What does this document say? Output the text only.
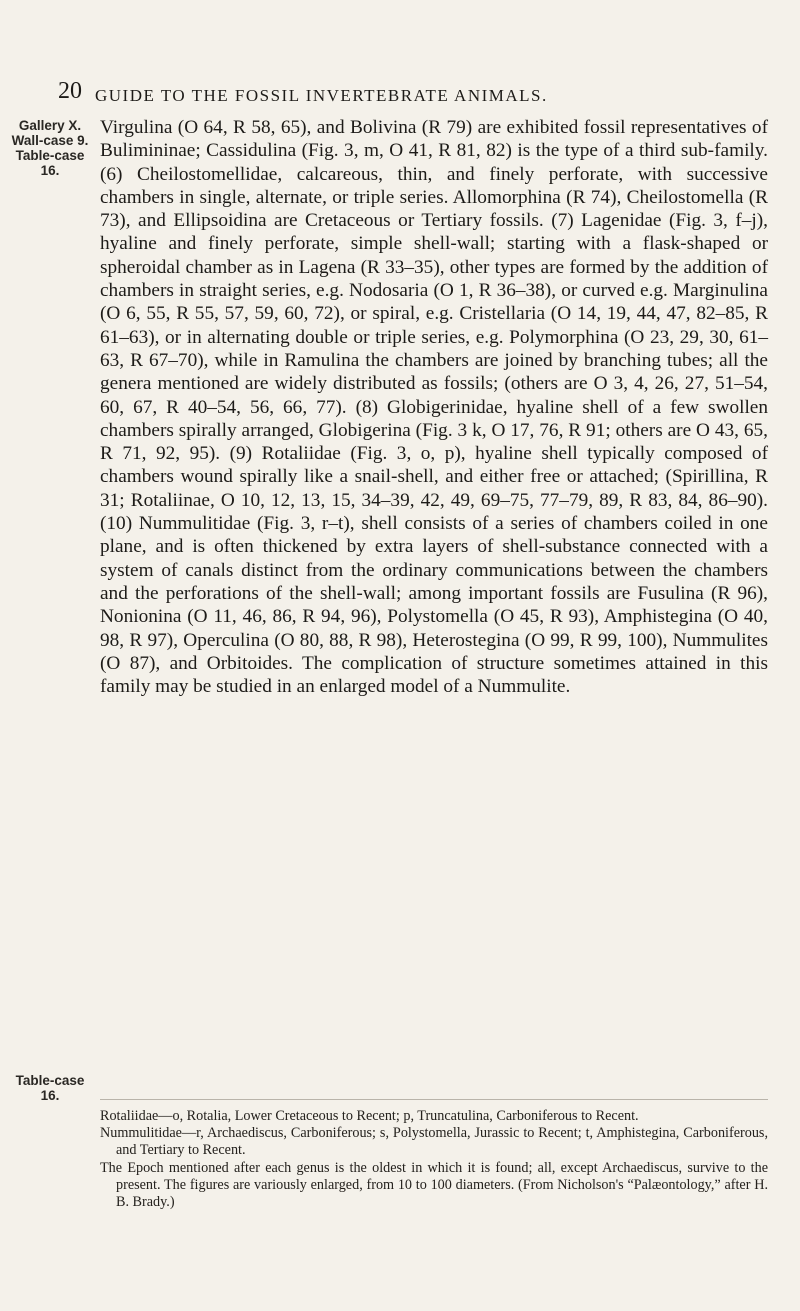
20 GUIDE TO THE FOSSIL INVERTEBRATE ANIMALS.
Gallery X. Wall-case 9. Table-case 16.
Table-case 16.

Virgulina (O 64, R 58, 65), and Bolivina (R 79) are exhibited fossil representatives of Bulimininae; Cassidulina (Fig. 3, m, O 41, R 81, 82) is the type of a third sub-family. (6) Cheilostomellidae, calcareous, thin, and finely perforate, with successive chambers in single, alternate, or triple series. Allomorphina (R 74), Cheilostomella (R 73), and Ellipsoidina are Cretaceous or Tertiary fossils. (7) Lagenidae (Fig. 3, f–j), hyaline and finely perforate, simple shell-wall; starting with a flask-shaped or spheroidal chamber as in Lagena (R 33–35), other types are formed by the addition of chambers in straight series, e.g. Nodosaria (O 1, R 36–38), or curved e.g. Marginulina (O 6, 55, R 55, 57, 59, 60, 72), or spiral, e.g. Cristellaria (O 14, 19, 44, 47, 82–85, R 61–63), or in alternating double or triple series, e.g. Polymorphina (O 23, 29, 30, 61–63, R 67–70), while in Ramulina the chambers are joined by branching tubes; all the genera mentioned are widely distributed as fossils; (others are O 3, 4, 26, 27, 51–54, 60, 67, R 40–54, 56, 66, 77). (8) Globigerinidae, hyaline shell of a few swollen chambers spirally arranged, Globigerina (Fig. 3 k, O 17, 76, R 91; others are O 43, 65, R 71, 92, 95). (9) Rotaliidae (Fig. 3, o, p), hyaline shell typically composed of chambers wound spirally like a snail-shell, and either free or attached; (Spirillina, R 31; Rotaliinae, O 10, 12, 13, 15, 34–39, 42, 49, 69–75, 77–79, 89, R 83, 84, 86–90). (10) Nummulitidae (Fig. 3, r–t), shell consists of a series of chambers coiled in one plane, and is often thickened by extra layers of shell-substance connected with a system of canals distinct from the ordinary communications between the chambers and the perforations of the shell-wall; among important fossils are Fusulina (R 96), Nonionina (O 11, 46, 86, R 94, 96), Polystomella (O 45, R 93), Amphistegina (O 40, 98, R 97), Operculina (O 80, 88, R 98), Heterostegina (O 99, R 99, 100), Nummulites (O 87), and Orbitoides. The complication of structure sometimes attained in this family may be studied in an enlarged model of a Nummulite.

Rotaliidae—o, Rotalia, Lower Cretaceous to Recent; p, Truncatulina, Carboniferous to Recent.

Nummulitidae—r, Archaediscus, Carboniferous; s, Polystomella, Jurassic to Recent; t, Amphistegina, Carboniferous, and Tertiary to Recent.

The Epoch mentioned after each genus is the oldest in which it is found; all, except Archaediscus, survive to the present. The figures are variously enlarged, from 10 to 100 diameters. (From Nicholson's “Palæontology,” after H. B. Brady.)
